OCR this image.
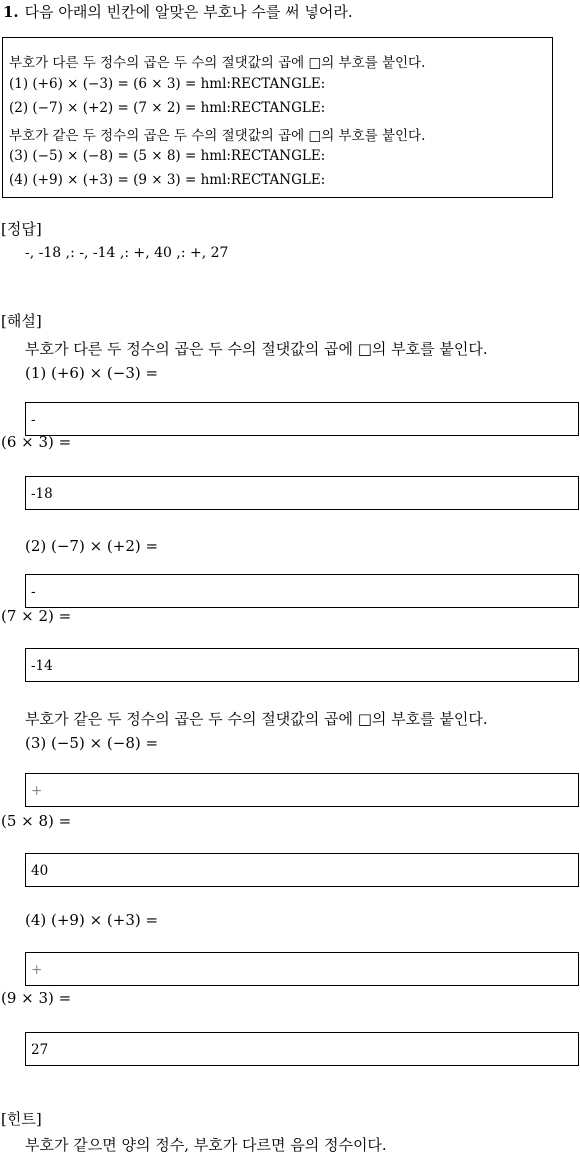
1. 다음 아래의 빈칸에 알맞은 부호나 수를 써 넣어라.
부호가 다른 두 정수의 곱은 두 수의 절댓값의 곱에 □의 부호를 붙인다.
(1) (+6) × (−3) = (6 × 3) = hml:RECTANGLE:
(2) (−7) × (+2) = (7 × 2) = hml:RECTANGLE:
부호가 같은 두 정수의 곱은 두 수의 절댓값의 곱에 □의 부호를 붙인다.
(3) (−5) × (−8) = (5 × 8) = hml:RECTANGLE:
(4) (+9) × (+3) = (9 × 3) = hml:RECTANGLE:
[정답]
-, -18 ,: -, -14 ,: +, 40 ,: +, 27
[해설]
부호가 다른 두 정수의 곱은 두 수의 절댓값의 곱에 □의 부호를 붙인다.
(1) (+6) × (−3) =
-
(6 × 3) =
-18
(2) (−7) × (+2) =
-
(7 × 2) =
-14
부호가 같은 두 정수의 곱은 두 수의 절댓값의 곱에 □의 부호를 붙인다.
(3) (−5) × (−8) =
+
(5 × 8) =
40
(4) (+9) × (+3) =
+
(9 × 3) =
27
[힌트]
부호가 같으면 양의 정수, 부호가 다르면 음의 정수이다.
